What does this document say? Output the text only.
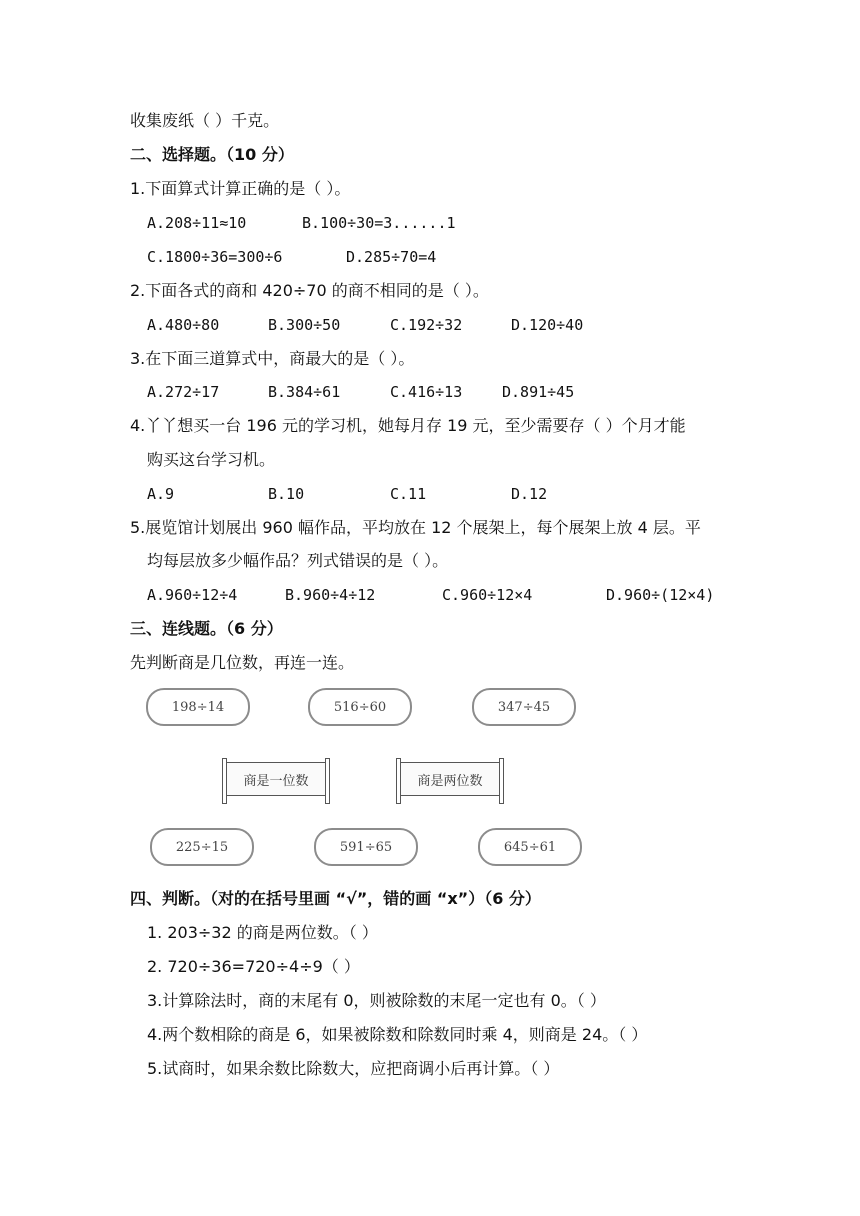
收集废纸（ ）千克。
二、选择题。（10 分）
1.下面算式计算正确的是（ ）。
A.208÷11≈10	B.100÷30=3......1
C.1800÷36=300÷6	D.285÷70=4
2.下面各式的商和 420÷70 的商不相同的是（ ）。
A.480÷80	B.300÷50	C.192÷32	D.120÷40
3.在下面三道算式中，商最大的是（ ）。
A.272÷17	B.384÷61	C.416÷13	D.891÷45
4.丫丫想买一台 196 元的学习机，她每月存 19 元，至少需要存（ ）个月才能
购买这台学习机。
A.9	B.10	C.11	D.12
5.展览馆计划展出 960 幅作品，平均放在 12 个展架上，每个展架上放 4 层。平
均每层放多少幅作品？列式错误的是（ ）。
A.960÷12÷4	B.960÷4÷12	C.960÷12×4	D.960÷(12×4)
三、连线题。（6 分）
先判断商是几位数，再连一连。
198÷14	516÷60	347÷45
商是一位数	商是两位数
225÷15	591÷65	645÷61
四、判断。（对的在括号里画 “√”，错的画 “x”）（6 分）
1. 203÷32 的商是两位数。（ ）
2. 720÷36=720÷4÷9（ ）
3.计算除法时，商的末尾有 0，则被除数的末尾一定也有 0。（ ）
4.两个数相除的商是 6，如果被除数和除数同时乘 4，则商是 24。（ ）
5.试商时，如果余数比除数大，应把商调小后再计算。（ ）
